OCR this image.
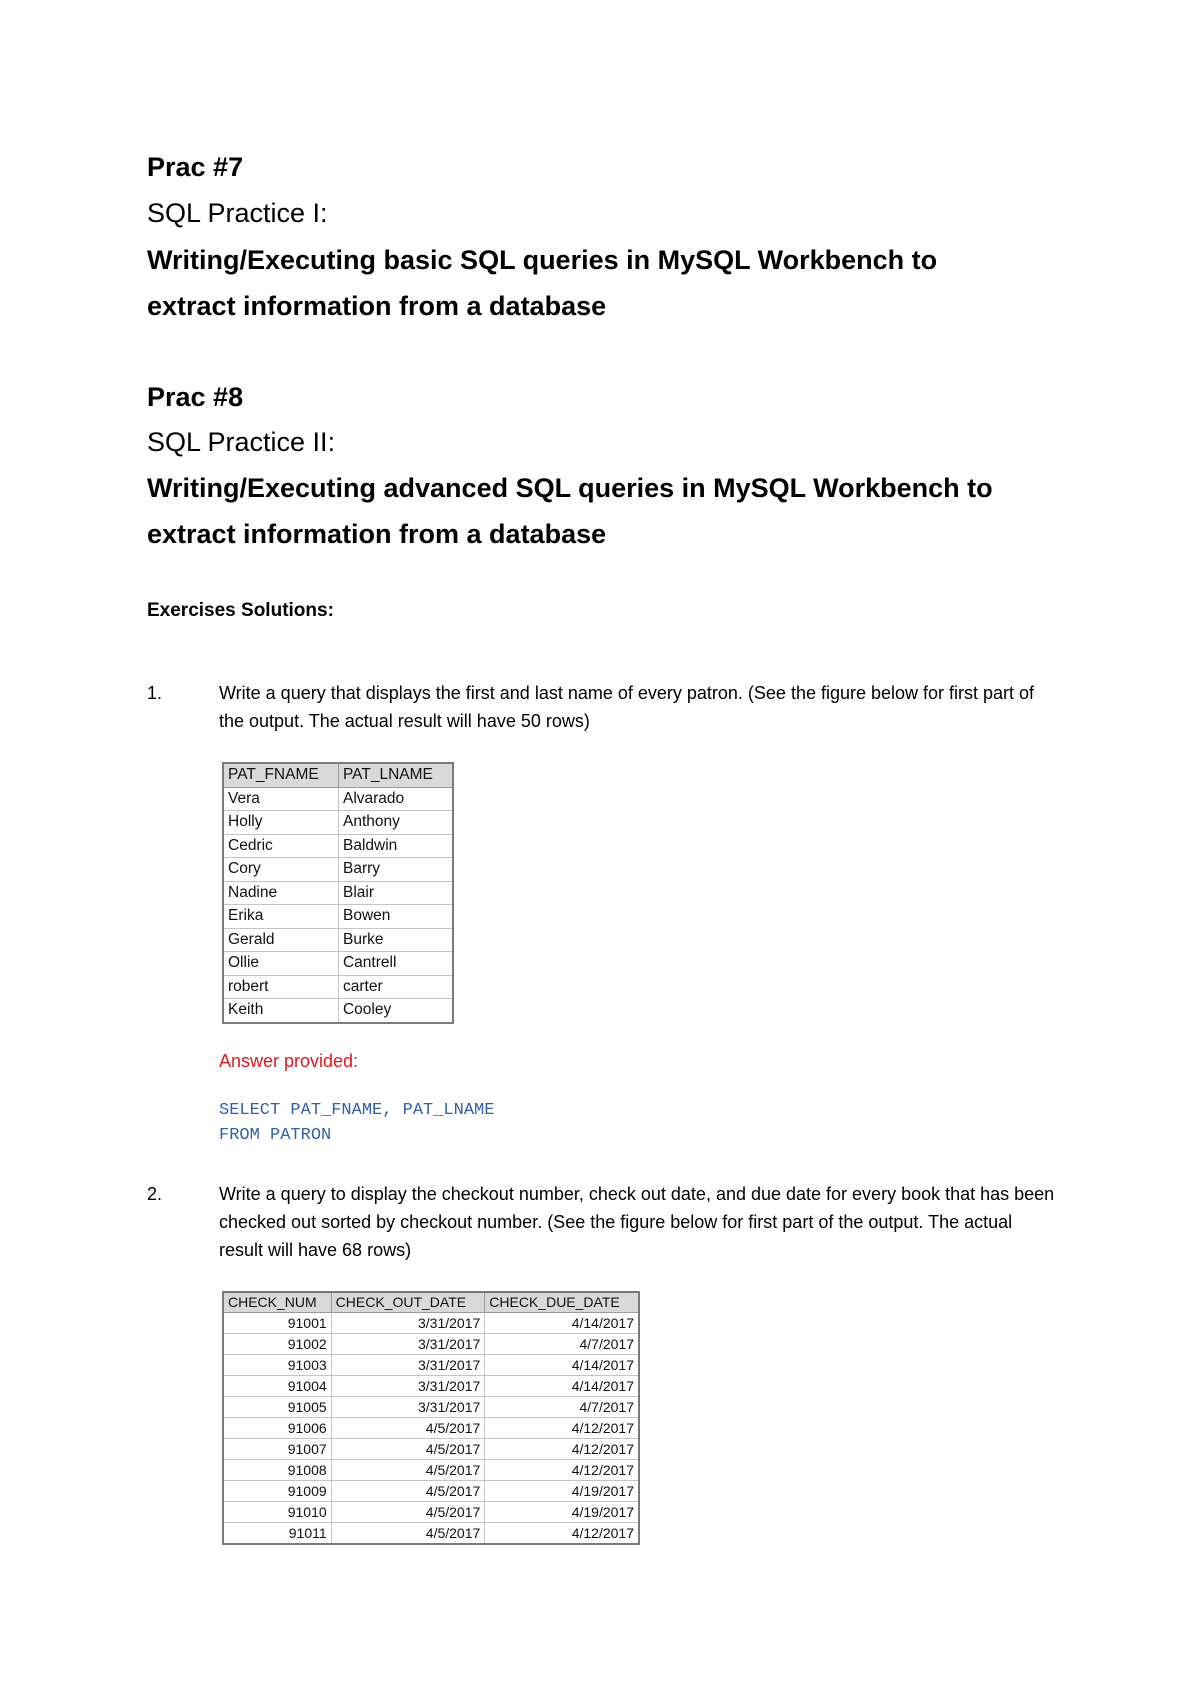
Prac #7
SQL Practice I:
Writing/Executing basic SQL queries in MySQL Workbench to
extract information from a database
Prac #8
SQL Practice II:
Writing/Executing advanced SQL queries in MySQL Workbench to
extract information from a database

Exercises Solutions:

1.	Write a query that displays the first and last name of every patron. (See the figure below for first part of the output. The actual result will have 50 rows)

PAT_FNAME	PAT_LNAME
Vera	Alvarado
Holly	Anthony
Cedric	Baldwin
Cory	Barry
Nadine	Blair
Erika	Bowen
Gerald	Burke
Ollie	Cantrell
robert	carter
Keith	Cooley

Answer provided:

SELECT PAT_FNAME, PAT_LNAME
FROM PATRON

2.	Write a query to display the checkout number, check out date, and due date for every book that has been checked out sorted by checkout number. (See the figure below for first part of the output. The actual result will have 68 rows)

CHECK_NUM	CHECK_OUT_DATE	CHECK_DUE_DATE
91001	3/31/2017	4/14/2017
91002	3/31/2017	4/7/2017
91003	3/31/2017	4/14/2017
91004	3/31/2017	4/14/2017
91005	3/31/2017	4/7/2017
91006	4/5/2017	4/12/2017
91007	4/5/2017	4/12/2017
91008	4/5/2017	4/12/2017
91009	4/5/2017	4/19/2017
91010	4/5/2017	4/19/2017
91011	4/5/2017	4/12/2017
